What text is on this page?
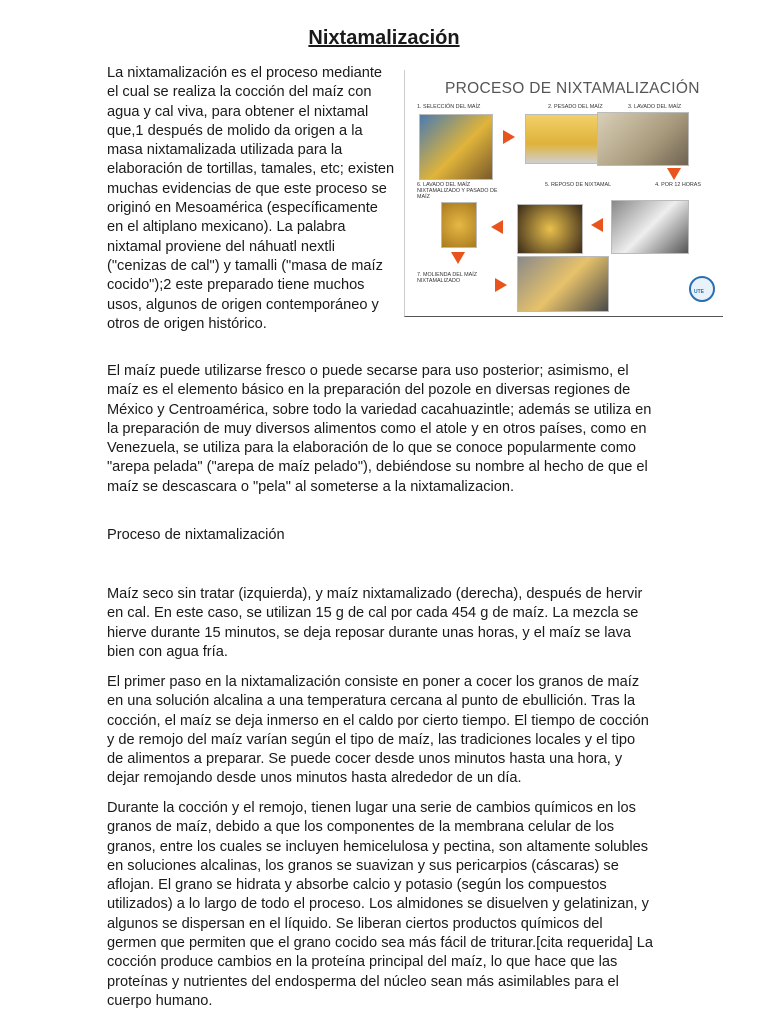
Nixtamalización

La nixtamalización es el proceso mediante el cual se realiza la cocción del maíz con agua y cal viva, para obtener el nixtamal que,1 después de molido da origen a la masa nixtamalizada utilizada para la elaboración de tortillas, tamales, etc; existen muchas evidencias de que este proceso se originó en Mesoamérica (específicamente en el altiplano mexicano). La palabra nixtamal proviene del náhuatl nextli ("cenizas de cal") y tamalli ("masa de maíz cocido");2 este preparado tiene muchos usos, algunos de origen contemporáneo y otros de origen histórico.

PROCESO DE NIXTAMALIZACIÓN
1. SELECCIÓN DEL MAÍZ	2. PESADO DEL MAÍZ	3. LAVADO DEL MAÍZ
6. LAVADO DEL MAÍZ NIXTAMALIZADO Y PASADO DE MAÍZ
5. REPOSO DE NIXTAMAL	4. POR 12 HORAS
7. MOLIENDA DEL MAÍZ NIXTAMALIZADO
UTE

El maíz puede utilizarse fresco o puede secarse para uso posterior; asimismo, el maíz es el elemento básico en la preparación del pozole en diversas regiones de México y Centroamérica, sobre todo la variedad cacahuazintle; además se utiliza en la preparación de muy diversos alimentos como el atole y en otros países, como en Venezuela, se utiliza para la elaboración de lo que se conoce popularmente como "arepa pelada" ("arepa de maíz pelado"), debiéndose su nombre al hecho de que el maíz se descascara o "pela" al someterse a la nixtamalizacion.

Proceso de nixtamalización

Maíz seco sin tratar (izquierda), y maíz nixtamalizado (derecha), después de hervir en cal. En este caso, se utilizan 15 g de cal por cada 454 g de maíz. La mezcla se hierve durante 15 minutos, se deja reposar durante unas horas, y el maíz se lava bien con agua fría.

El primer paso en la nixtamalización consiste en poner a cocer los granos de maíz en una solución alcalina a una temperatura cercana al punto de ebullición. Tras la cocción, el maíz se deja inmerso en el caldo por cierto tiempo. El tiempo de cocción y de remojo del maíz varían según el tipo de maíz, las tradiciones locales y el tipo de alimentos a preparar. Se puede cocer desde unos minutos hasta una hora, y dejar remojando desde unos minutos hasta alrededor de un día.

Durante la cocción y el remojo, tienen lugar una serie de cambios químicos en los granos de maíz, debido a que los componentes de la membrana celular de los granos, entre los cuales se incluyen hemicelulosa y pectina, son altamente solubles en soluciones alcalinas, los granos se suavizan y sus pericarpios (cáscaras) se aflojan. El grano se hidrata y absorbe calcio y potasio (según los compuestos utilizados) a lo largo de todo el proceso. Los almidones se disuelven y gelatinizan, y algunos se dispersan en el líquido. Se liberan ciertos productos químicos del germen que permiten que el grano cocido sea más fácil de triturar.[cita requerida] La cocción produce cambios en la proteína principal del maíz, lo que hace que las proteínas y nutrientes del endosperma del núcleo sean más asimilables para el cuerpo humano.
